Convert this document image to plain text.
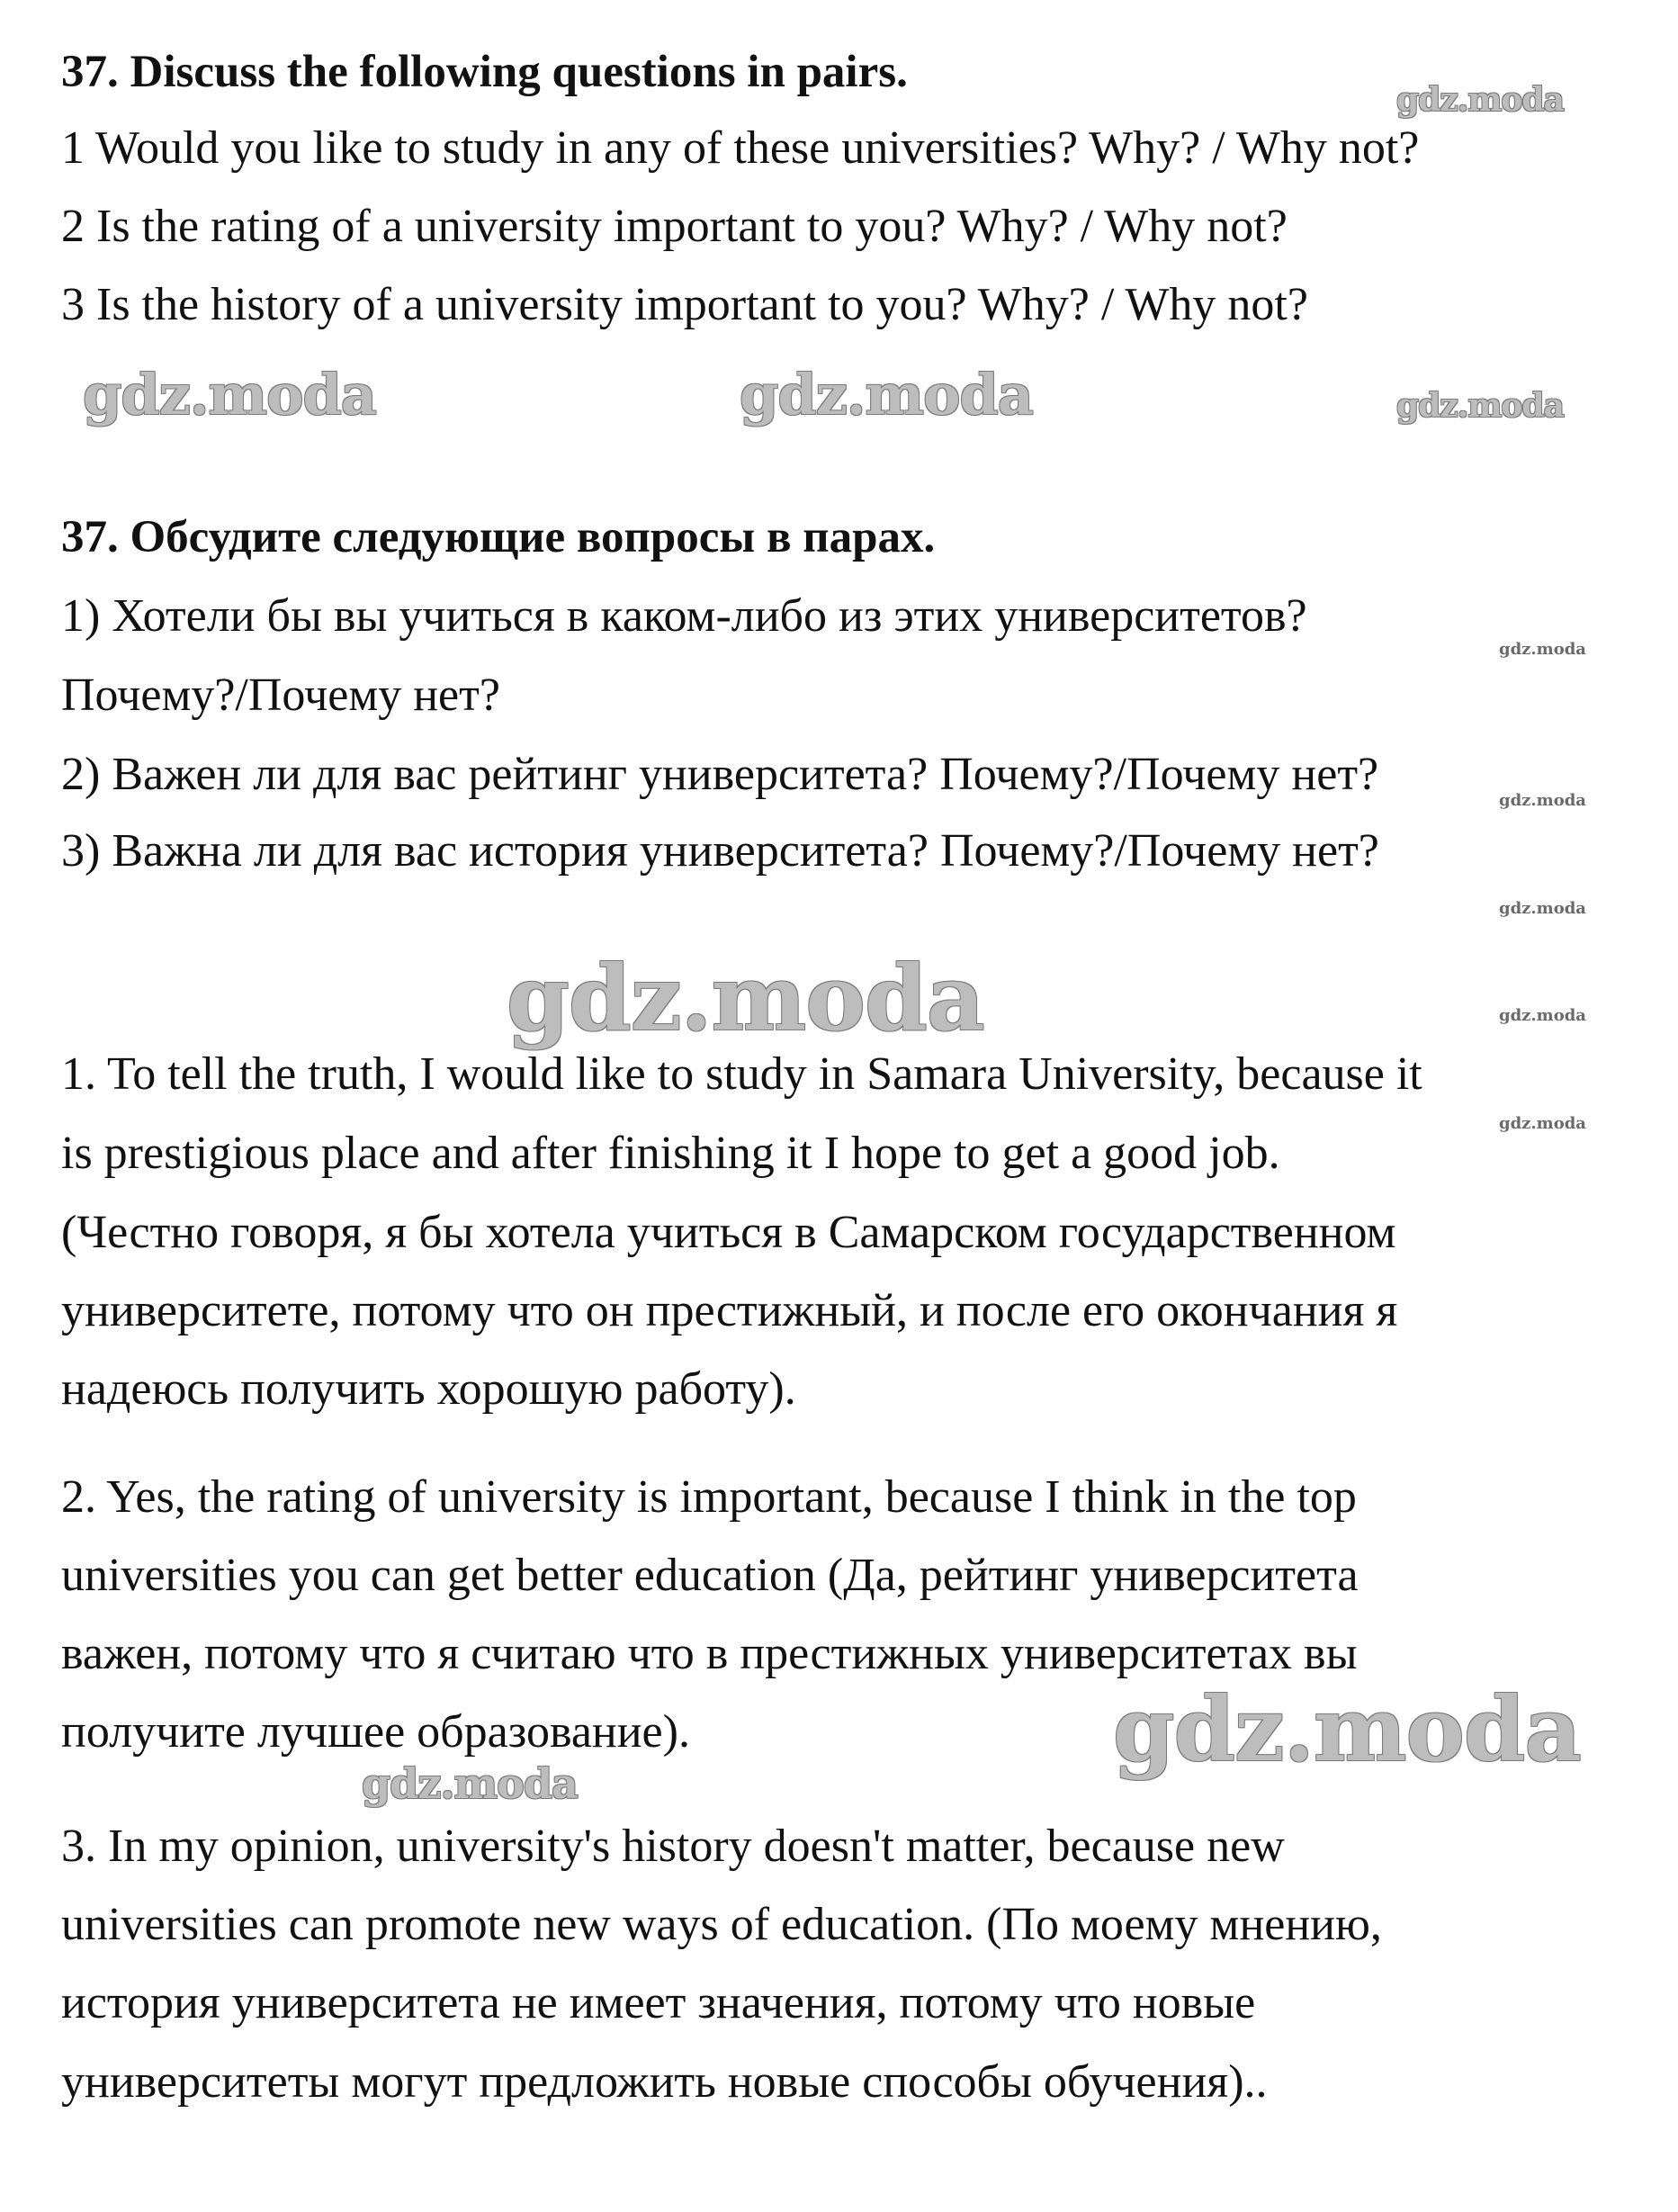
37. Discuss the following questions in pairs.
1 Would you like to study in any of these universities? Why? / Why not?
2 Is the rating of a university important to you? Why? / Why not?
3 Is the history of a university important to you? Why? / Why not?
37. Обсудите следующие вопросы в парах.
1) Хотели бы вы учиться в каком-либо из этих университетов?
Почему?/Почему нет?
2) Важен ли для вас рейтинг университета? Почему?/Почему нет?
3) Важна ли для вас история университета? Почему?/Почему нет?
1. To tell the truth, I would like to study in Samara University, because it
is prestigious place and after finishing it I hope to get a good job.
(Честно говоря, я бы хотела учиться в Самарском государственном
университете, потому что он престижный, и после его окончания я
надеюсь получить хорошую работу).
2. Yes, the rating of university is important, because I think in the top
universities you can get better education (Да, рейтинг университета
важен, потому что я считаю что в престижных университетах вы
получите лучшее образование).
3. In my opinion, university's history doesn't matter, because new
universities can promote new ways of education. (По моему мнению,
история университета не имеет значения, потому что новые
университеты могут предложить новые способы обучения)..
gdz.moda
gdz.moda	gdz.moda	gdz.moda
gdz.moda
gdz.moda
gdz.moda
gdz.moda	gdz.moda
gdz.moda
gdz.moda
gdz.moda
